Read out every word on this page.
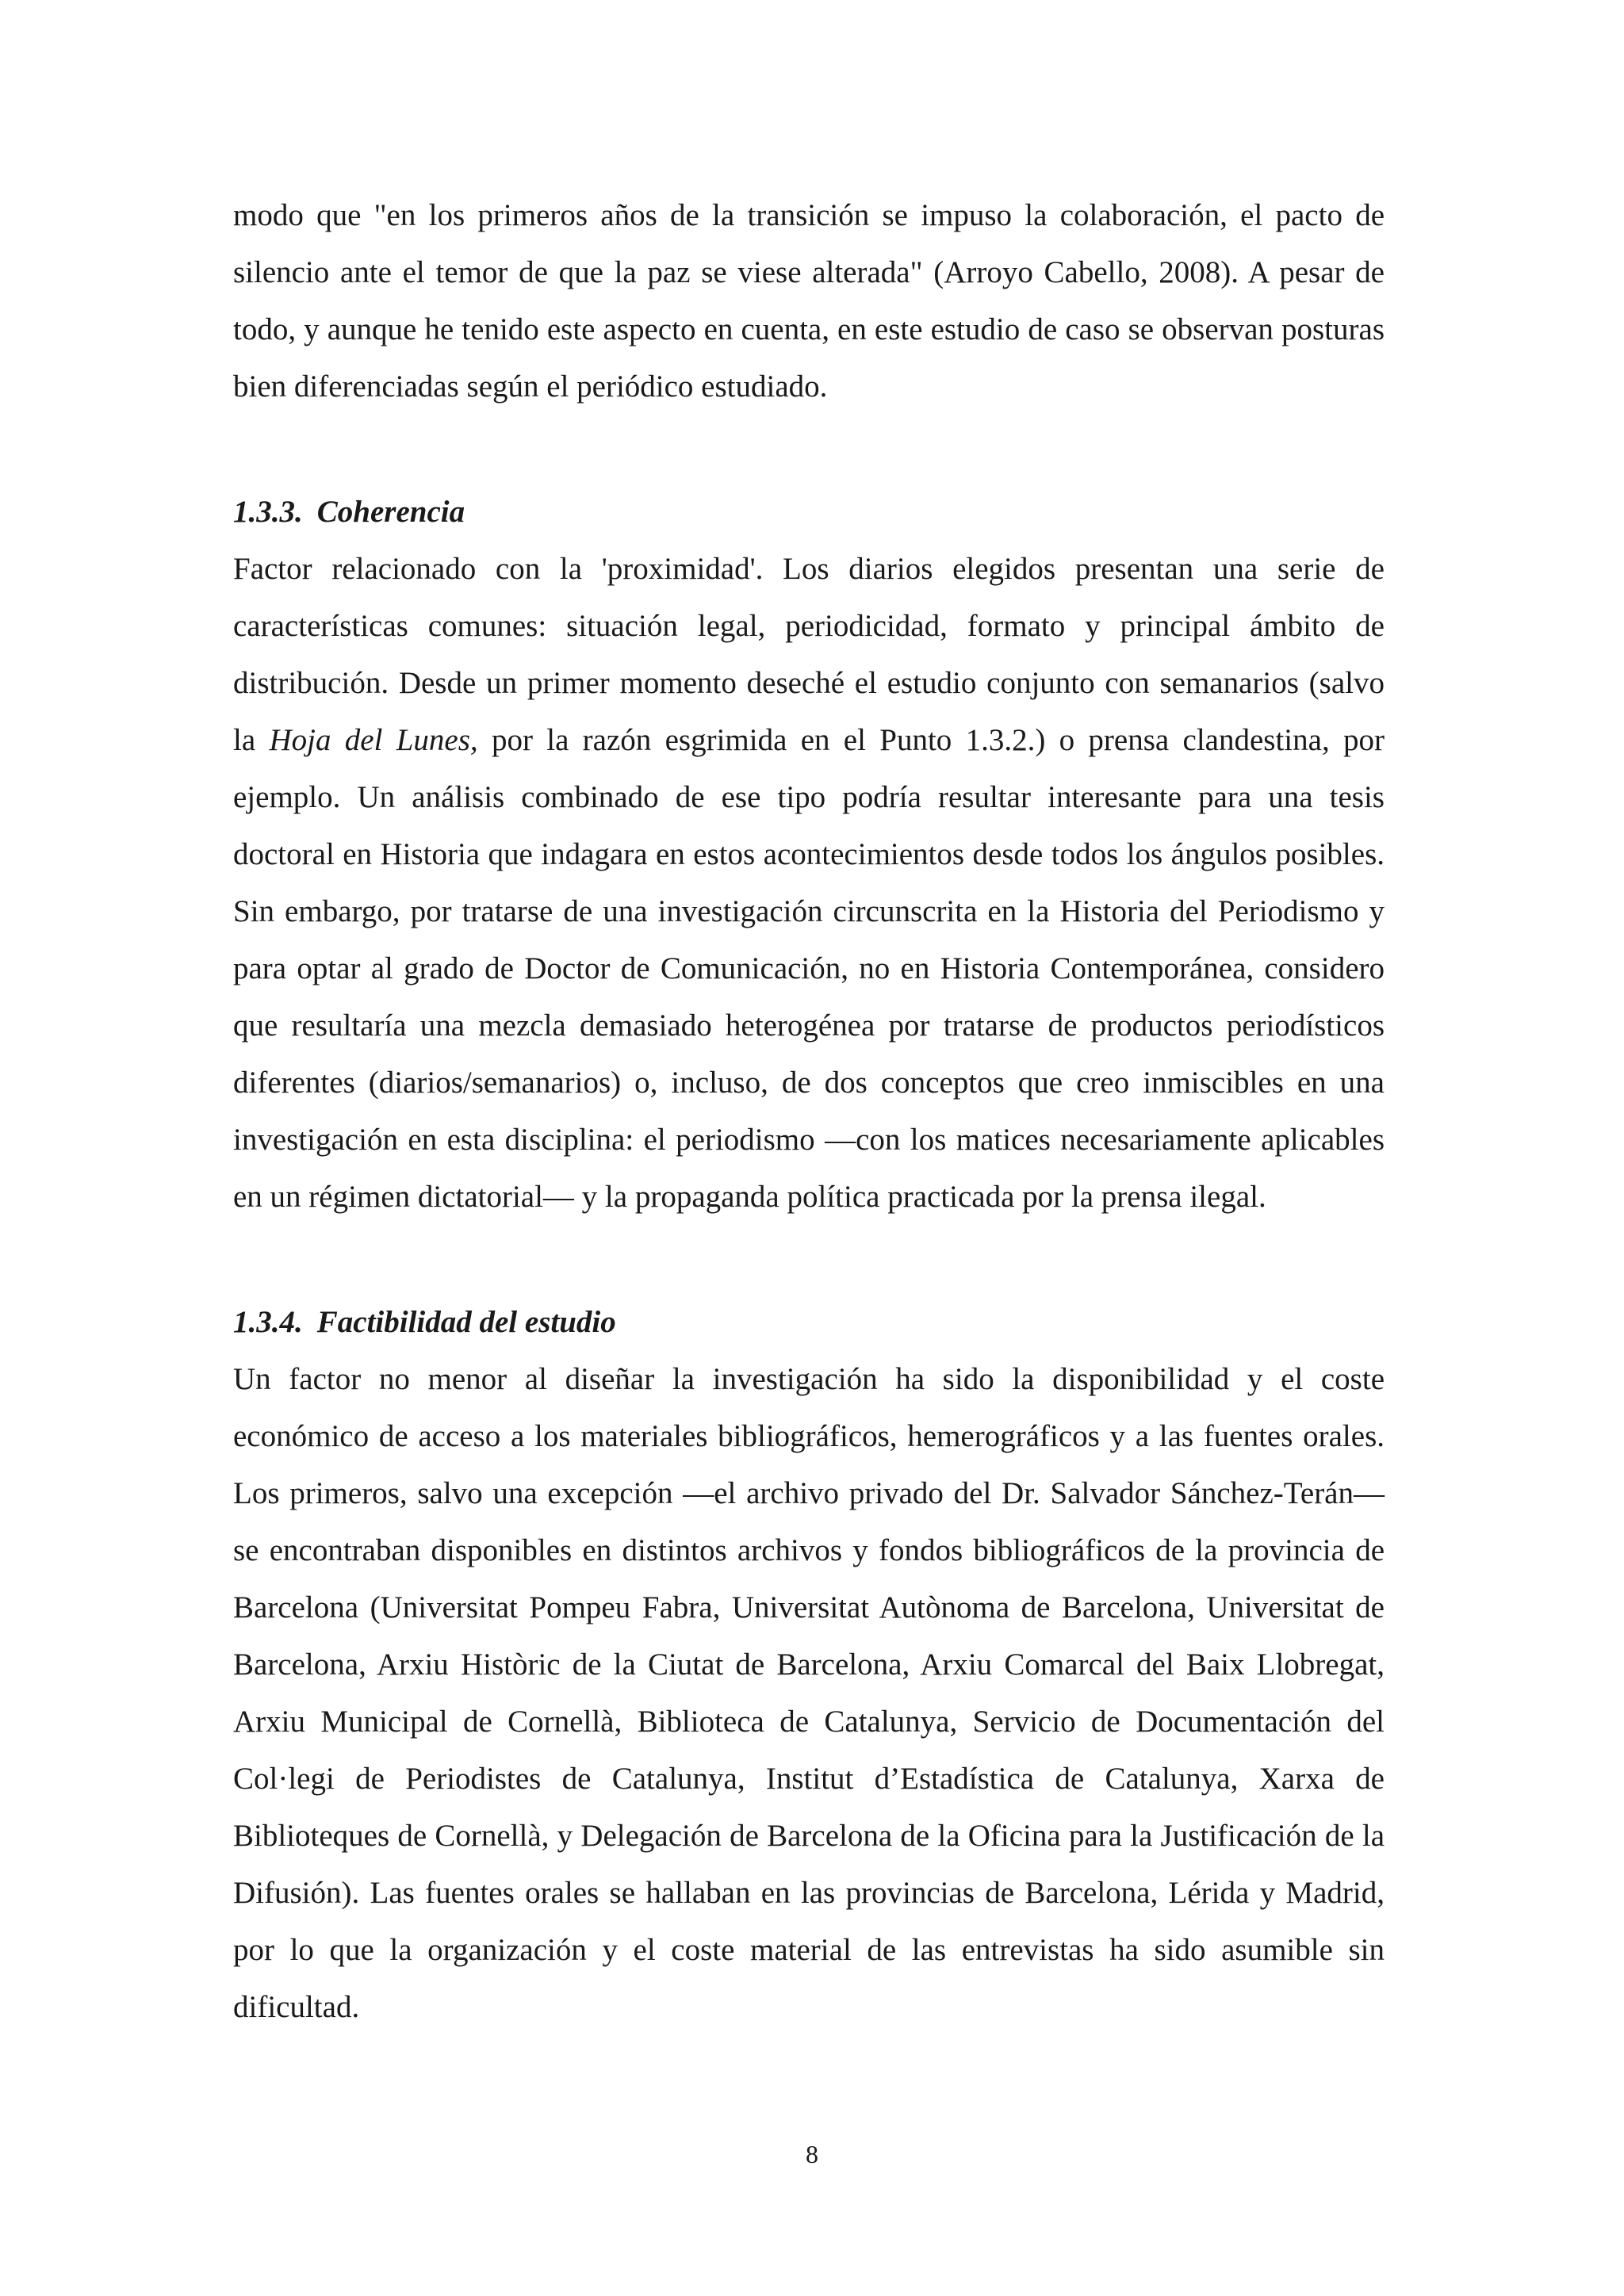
modo que "en los primeros años de la transición se impuso la colaboración, el pacto de silencio ante el temor de que la paz se viese alterada" (Arroyo Cabello, 2008). A pesar de todo, y aunque he tenido este aspecto en cuenta, en este estudio de caso se observan posturas bien diferenciadas según el periódico estudiado.

1.3.3. Coherencia

Factor relacionado con la 'proximidad'. Los diarios elegidos presentan una serie de características comunes: situación legal, periodicidad, formato y principal ámbito de distribución. Desde un primer momento deseché el estudio conjunto con semanarios (salvo la Hoja del Lunes, por la razón esgrimida en el Punto 1.3.2.) o prensa clandestina, por ejemplo. Un análisis combinado de ese tipo podría resultar interesante para una tesis doctoral en Historia que indagara en estos acontecimientos desde todos los ángulos posibles. Sin embargo, por tratarse de una investigación circunscrita en la Historia del Periodismo y para optar al grado de Doctor de Comunicación, no en Historia Contemporánea, considero que resultaría una mezcla demasiado heterogénea por tratarse de productos periodísticos diferentes (diarios/semanarios) o, incluso, de dos conceptos que creo inmiscibles en una investigación en esta disciplina: el periodismo —con los matices necesariamente aplicables en un régimen dictatorial— y la propaganda política practicada por la prensa ilegal.

1.3.4. Factibilidad del estudio

Un factor no menor al diseñar la investigación ha sido la disponibilidad y el coste económico de acceso a los materiales bibliográficos, hemerográficos y a las fuentes orales. Los primeros, salvo una excepción —el archivo privado del Dr. Salvador Sánchez-Terán— se encontraban disponibles en distintos archivos y fondos bibliográficos de la provincia de Barcelona (Universitat Pompeu Fabra, Universitat Autònoma de Barcelona, Universitat de Barcelona, Arxiu Històric de la Ciutat de Barcelona, Arxiu Comarcal del Baix Llobregat, Arxiu Municipal de Cornellà, Biblioteca de Catalunya, Servicio de Documentación del Col·legi de Periodistes de Catalunya, Institut d’Estadística de Catalunya, Xarxa de Biblioteques de Cornellà, y Delegación de Barcelona de la Oficina para la Justificación de la Difusión). Las fuentes orales se hallaban en las provincias de Barcelona, Lérida y Madrid, por lo que la organización y el coste material de las entrevistas ha sido asumible sin dificultad.

8
